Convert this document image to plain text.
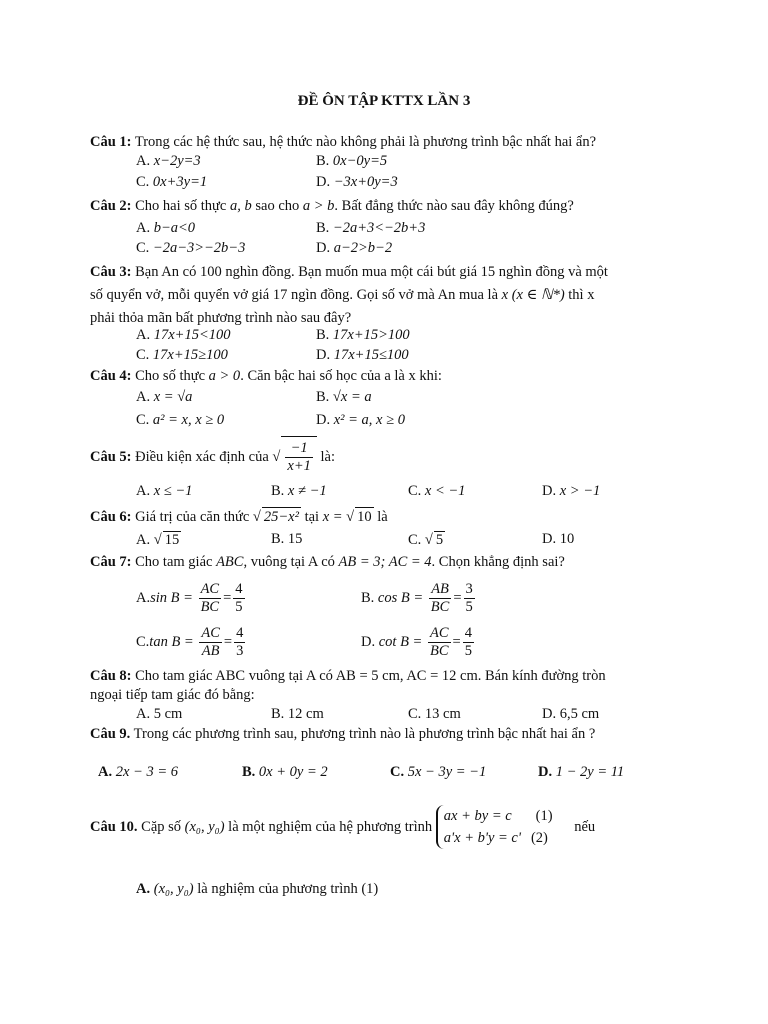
ĐỀ ÔN TẬP KTTX LẦN 3
Câu 1: Trong các hệ thức sau, hệ thức nào không phải là phương trình bậc nhất hai ẩn?
A. x−2y=3	B. 0x−0y=5
C. 0x+3y=1	D. −3x+0y=3
Câu 2: Cho hai số thực a, b sao cho a > b. Bất đẳng thức nào sau đây không đúng?
A. b−a<0	B. −2a+3<−2b+3
C. −2a−3>−2b−3	D. a−2>b−2
Câu 3: Bạn An có 100 nghìn đồng. Bạn muốn mua một cái bút giá 15 nghìn đồng và một
số quyển vở, mỗi quyển vở giá 17 ngìn đồng. Gọi số vở mà An mua là x (x ∈ ℕ*) thì x
phải thỏa mãn bất phương trình nào sau đây?
A. 17x+15<100	B. 17x+15>100
C. 17x+15≥100	D. 17x+15≤100
Câu 4: Cho số thực a > 0. Căn bậc hai số học của a là x khi:
A. x = √a	B. √x = a
C. a² = x, x ≥ 0	D. x² = a, x ≥ 0
Câu 5: Điều kiện xác định của √ $\frac{-1}{x+1}$ là:
A. x ≤ −1	B. x ≠ −1	C. x < −1	D. x > −1
Câu 6: Giá trị của căn thức √ 25−x² tại x = √ 10 là
A. √ 15	B. 15	C. √ 5	D. 10
Câu 7: Cho tam giác ABC, vuông tại A có AB = 3; AC = 4. Chọn khẳng định sai?
A.sin $B = \frac{AC}{BC} = \frac{4}{5}$	B. $\cos B = \frac{AB}{BC} = \frac{3}{5}$
C.tan $B = \frac{AC}{AB} = \frac{4}{3}$	D. $\cot B = \frac{AC}{BC} = \frac{4}{5}$
Câu 8: Cho tam giác ABC vuông tại A có AB = 5 cm, AC = 12 cm. Bán kính đường tròn
ngoại tiếp tam giác đó bằng:
A. 5 cm	B. 12 cm	C. 13 cm	D. 6,5 cm
Câu 9. Trong các phương trình sau, phương trình nào là phương trình bậc nhất hai ẩn ?
A. 2x − 3 = 6	B. 0x + 0y = 2	C. 5x − 3y = −1	D. 1 − 2y = 11
Câu 10. Cặp số (x₀, y₀) là một nghiệm của hệ phương trình
ax + by = c (1)
a'x + b'y = c' (2)
nếu
A. (x₀, y₀) là nghiệm của phương trình (1)
